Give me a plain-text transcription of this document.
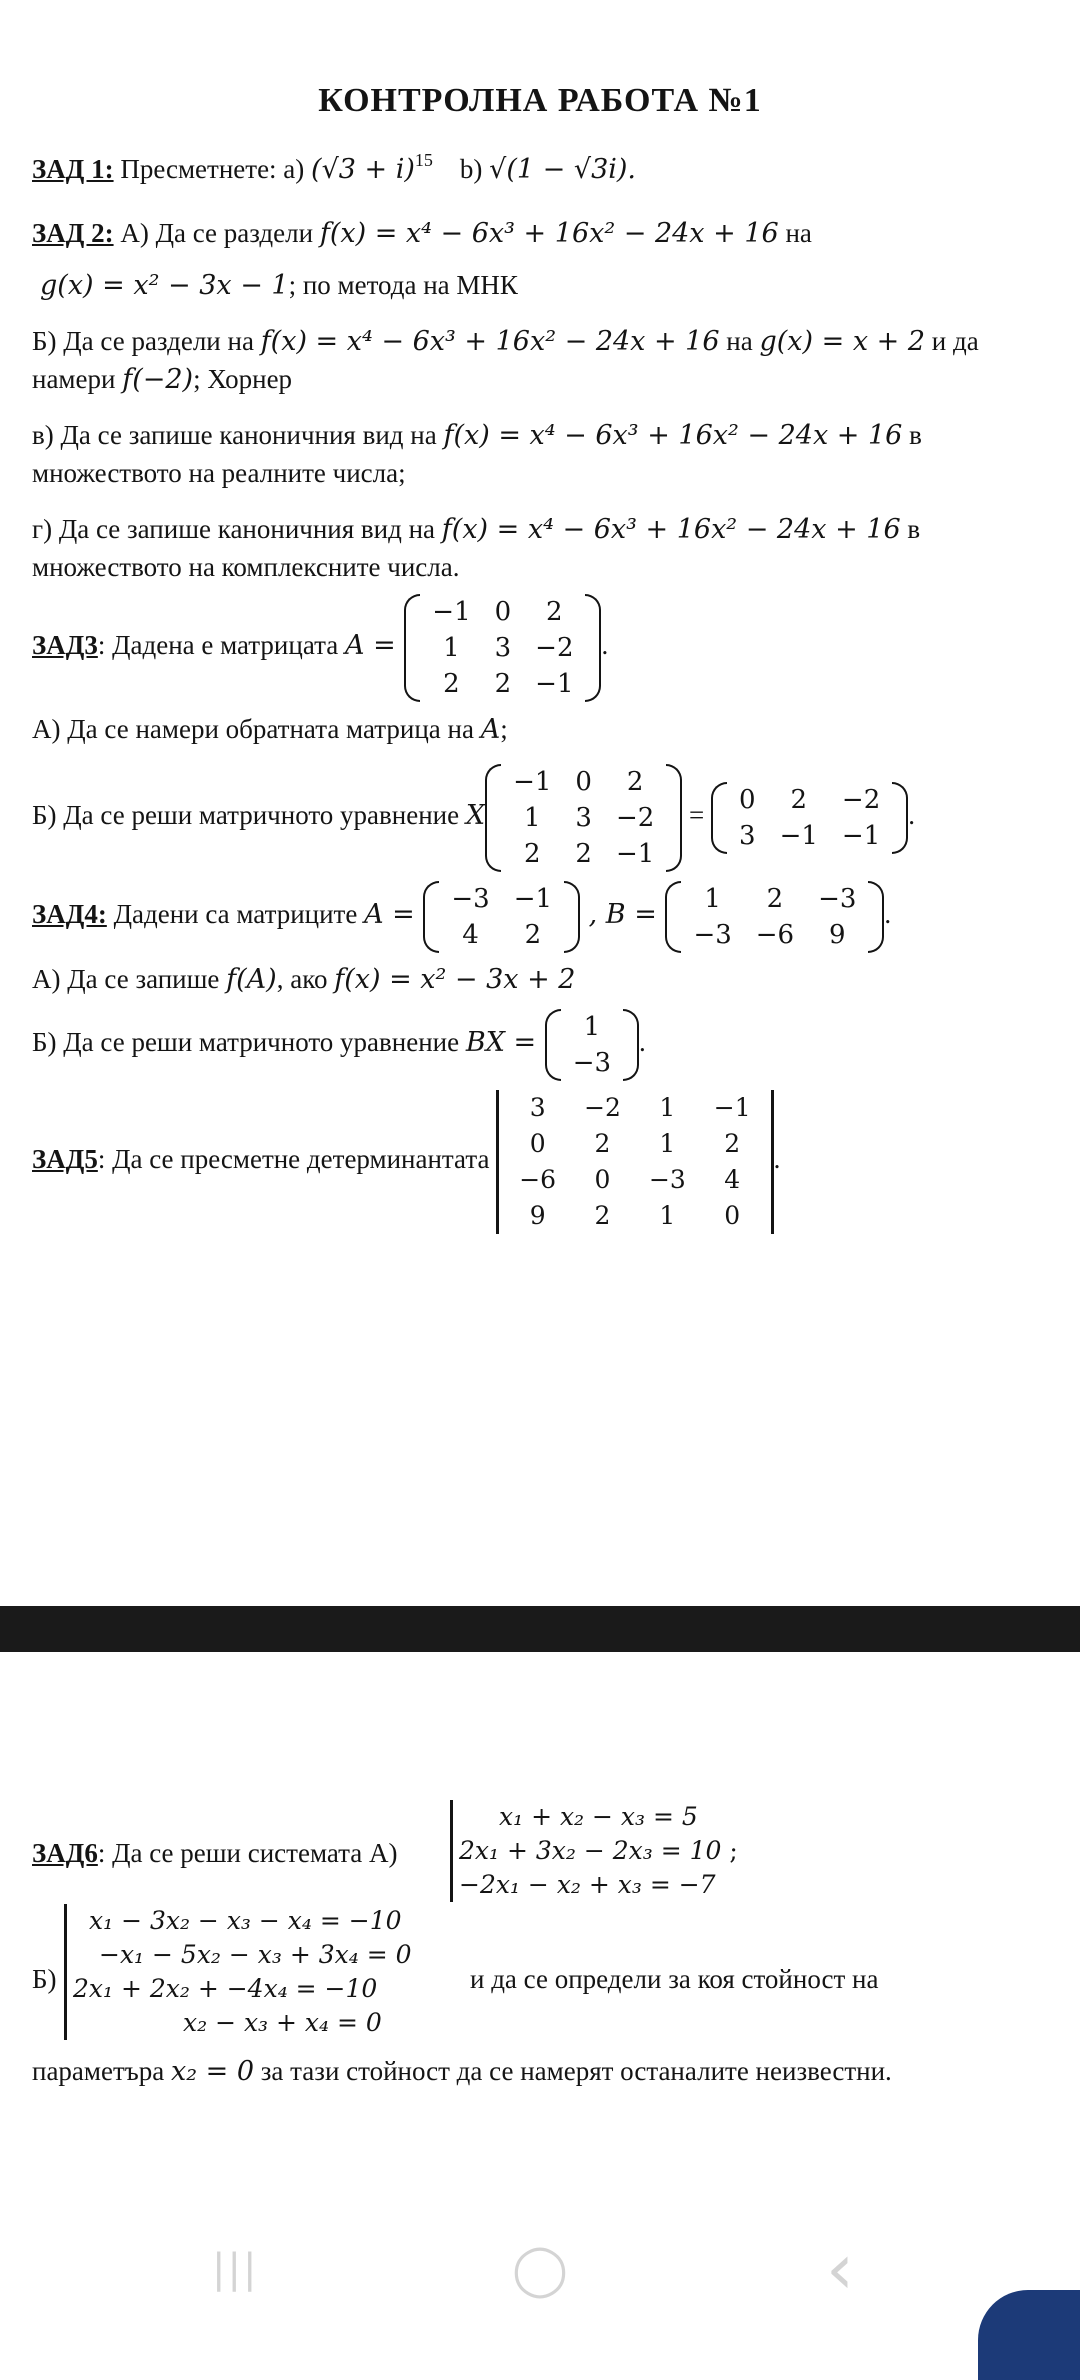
КОНТРОЛНА РАБОТА №1
ЗАД 1: Пресметнете: а) $(√3 + i)^{15}$ b) √(1 − √3i).
ЗАД 2: А) Да се раздели f(x) = x⁴ − 6x³ + 16x² − 24x + 16 на
g(x) = x² − 3x − 1; по метода на МНК
Б) Да се раздели на f(x) = x⁴ − 6x³ + 16x² − 24x + 16 на g(x) = x + 2 и да
намери f(−2); Хорнер
в) Да се запише каноничния вид на f(x) = x⁴ − 6x³ + 16x² − 24x + 16 в
множеството на реалните числа;
г) Да се запише каноничния вид на f(x) = x⁴ − 6x³ + 16x² − 24x + 16 в
множеството на комплексните числа.
ЗАД3: Дадена е матрицата A =
−1	0	2
1	3	−2
2	2	−1
.
А) Да се намери обратната матрица на A;
Б) Да се реши матричното уравнение X
−1	0	2
1	3	−2
2	2	−1
=
0	2	−2
3	−1	−1
.
ЗАД4: Дадени са матриците A =
−3	−1
4	2
, B =
1	2	−3
−3	−6	9
.
А) Да се запише f(A), ако f(x) = x² − 3x + 2
Б) Да се реши матричното уравнение BX =
1
−3
.
ЗАД5: Да се пресметне детерминантата
3	−2	1	−1
0	2	1	2
−6	0	−3	4
9	2	1	0
.
ЗАД6: Да се реши системата А)
x₁ + x₂ − x₃ = 5
2x₁ + 3x₂ − 2x₃ = 10 ;
−2x₁ − x₂ + x₃ = −7
Б)
x₁ − 3x₂ − x₃ − x₄ = −10
−x₁ − 5x₂ − x₃ + 3x₄ = 0
2x₁ + 2x₂ + −4x₄ = −10
x₂ − x₃ + x₄ = 0
и да се определи за коя стойност на
параметъра x₂ = 0 за тази стойност да се намерят останалите неизвестни.
|||	◯	‹
